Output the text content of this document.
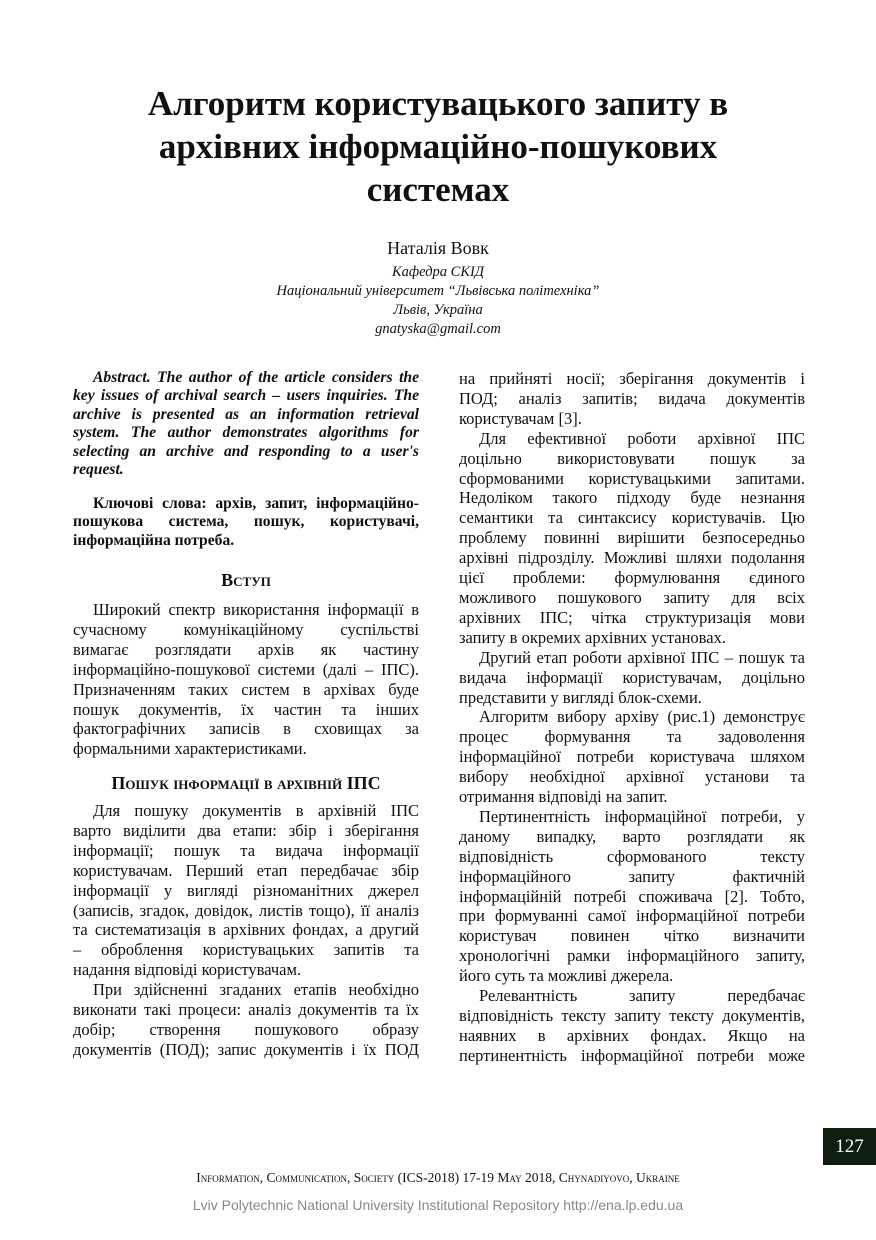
Алгоритм користувацького запиту в
архівних інформаційно-пошукових
системах
Наталія Вовк
Кафедра СКІД
Національний університет “Львівська політехніка”
Львів, Україна
gnatyska@gmail.com
Abstract. The author of the article considers the
key issues of archival search – users inquiries. The
archive is presented as an information retrieval
system. The author demonstrates algorithms for
selecting an archive and responding to a user's
request.
Ключові слова: архів, запит, інформаційно-
пошукова система, пошук, користувачі,
інформаційна потреба.
Вступ
Широкий спектр використання інформації в
сучасному комунікаційному суспільстві
вимагає розглядати архів як частину
інформаційно-пошукової системи (далі – ІПС).
Призначенням таких систем в архівах буде
пошук документів, їх частин та інших
фактографічних записів в сховищах за
формальними характеристиками.
Пошук інформації в архівній ІПС
Для пошуку документів в архівній ІПС
варто виділити два етапи: збір і зберігання
інформації; пошук та видача інформації
користувачам. Перший етап передбачає збір
інформації у вигляді різноманітних джерел
(записів, згадок, довідок, листів тощо), її аналіз
та систематизація в архівних фондах, а другий
– оброблення користувацьких запитів та
надання відповіді користувачам.
При здійсненні згаданих етапів необхідно
виконати такі процеси: аналіз документів та їх
добір; створення пошукового образу
документів (ПОД); запис документів і їх ПОД
на прийняті носії; зберігання документів і
ПОД; аналіз запитів; видача документів
користувачам [3].
Для ефективної роботи архівної ІПС
доцільно використовувати пошук за
сформованими користувацькими запитами.
Недоліком такого підходу буде незнання
семантики та синтаксису користувачів. Цю
проблему повинні вирішити безпосередньо
архівні підрозділу. Можливі шляхи подолання
цієї проблеми: формулювання єдиного
можливого пошукового запиту для всіх
архівних ІПС; чітка структуризація мови
запиту в окремих архівних установах.
Другий етап роботи архівної ІПС – пошук та
видача інформації користувачам, доцільно
представити у вигляді блок-схеми.
Алгоритм вибору архіву (рис.1) демонструє
процес формування та задоволення
інформаційної потреби користувача шляхом
вибору необхідної архівної установи та
отримання відповіді на запит.
Пертинентність інформаційної потреби, у
даному випадку, варто розглядати як
відповідність сформованого тексту
інформаційного запиту фактичній
інформаційній потребі споживача [2]. Тобто,
при формуванні самої інформаційної потреби
користувач повинен чітко визначити
хронологічні рамки інформаційного запиту,
його суть та можливі джерела.
Релевантність запиту передбачає
відповідність тексту запиту тексту документів,
наявних в архівних фондах. Якщо на
пертинентність інформаційної потреби може
127
Information, Communication, Society (ICS-2018) 17-19 May 2018, Chynadiyovo, Ukraine
Lviv Polytechnic National University Institutional Repository http://ena.lp.edu.ua
